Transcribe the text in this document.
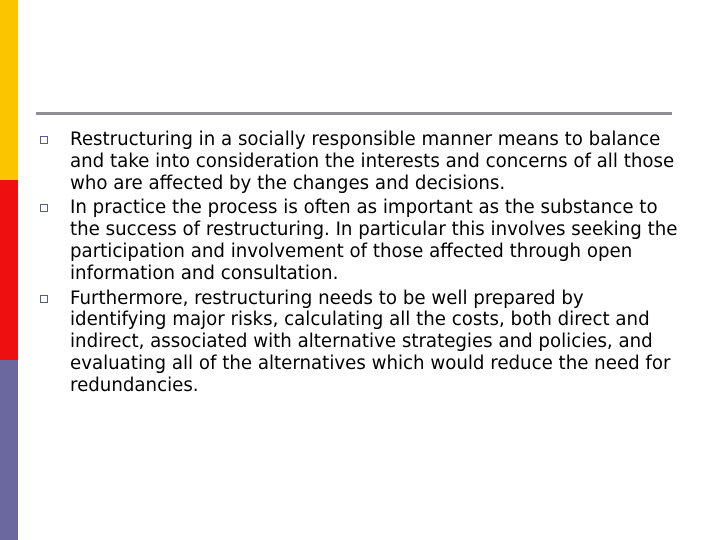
Restructuring in a socially responsible manner means to balance and take into consideration the interests and concerns of all those who are affected by the changes and decisions.
In practice the process is often as important as the substance to the success of restructuring. In particular this involves seeking the participation and involvement of those affected through open information and consultation.
Furthermore, restructuring needs to be well prepared by identifying major risks, calculating all the costs, both direct and indirect, associated with alternative strategies and policies, and evaluating all of the alternatives which would reduce the need for redundancies.
